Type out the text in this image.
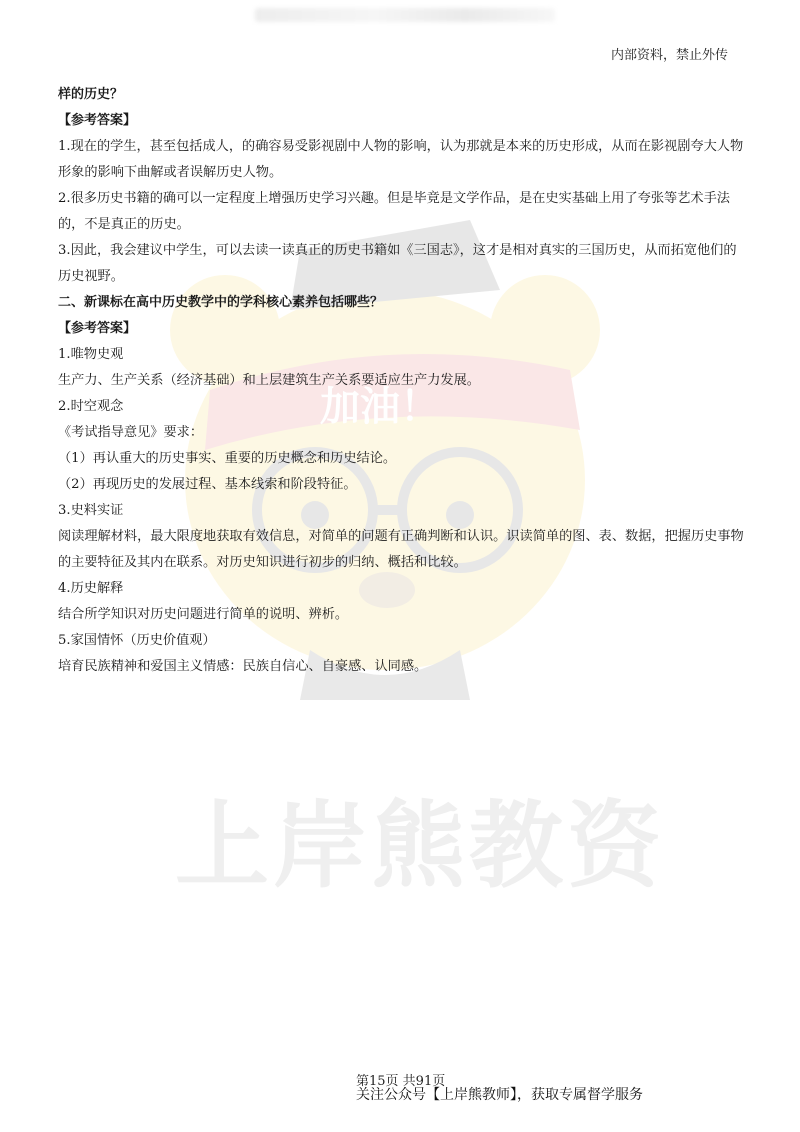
加油！
上岸熊教资
内部资料，禁止外传

样的历史？

【参考答案】

1.现在的学生，甚至包括成人，的确容易受影视剧中人物的影响，认为那就是本来的历史形成，从而在影视剧夸大人物形象的影响下曲解或者误解历史人物。

2.很多历史书籍的确可以一定程度上增强历史学习兴趣。但是毕竟是文学作品，是在史实基础上用了夸张等艺术手法的，不是真正的历史。

3.因此，我会建议中学生，可以去读一读真正的历史书籍如《三国志》，这才是相对真实的三国历史，从而拓宽他们的历史视野。

二、新课标在高中历史教学中的学科核心素养包括哪些？

【参考答案】

1.唯物史观

生产力、生产关系（经济基础）和上层建筑生产关系要适应生产力发展。

2.时空观念

《考试指导意见》要求：

（1）再认重大的历史事实、重要的历史概念和历史结论。

（2）再现历史的发展过程、基本线索和阶段特征。

3.史料实证

阅读理解材料，最大限度地获取有效信息，对简单的问题有正确判断和认识。识读简单的图、表、数据，把握历史事物的主要特征及其内在联系。对历史知识进行初步的归纳、概括和比较。

4.历史解释

结合所学知识对历史问题进行简单的说明、辨析。

5.家国情怀（历史价值观）

培育民族精神和爱国主义情感：民族自信心、自豪感、认同感。

第15页 共91页
关注公众号【上岸熊教师】，获取专属督学服务
